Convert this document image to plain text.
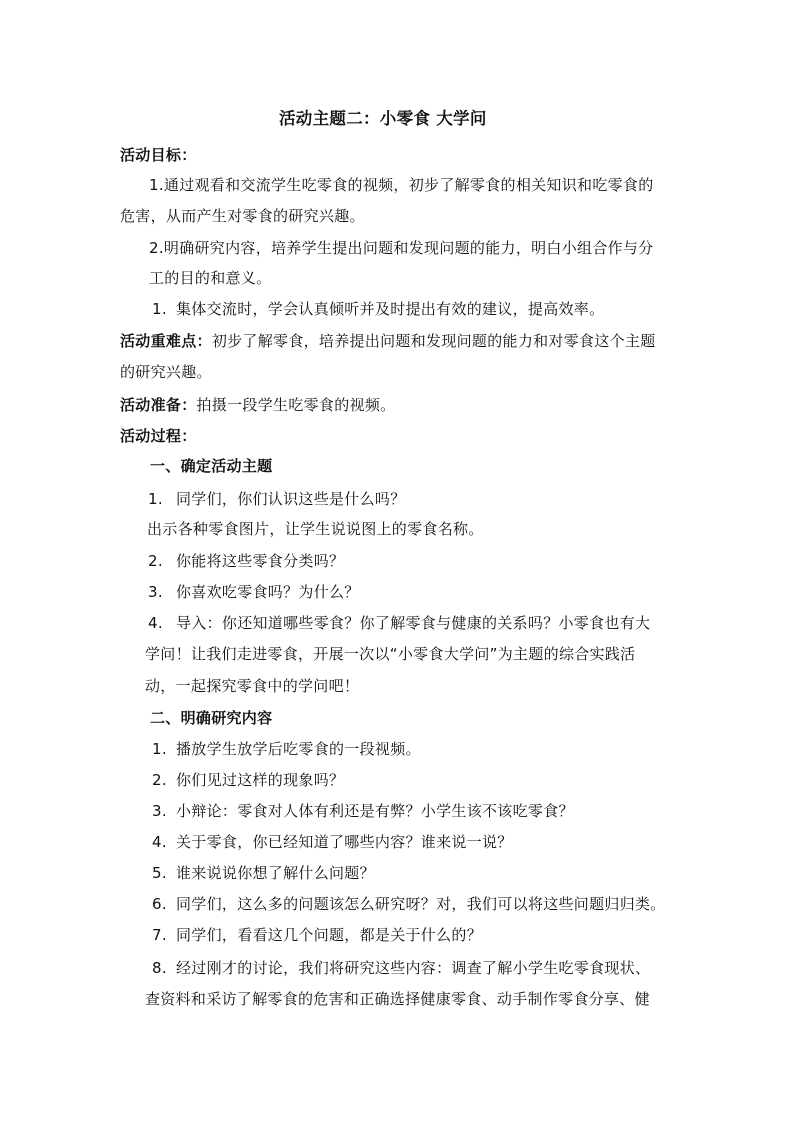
活动主题二：小零食 大学问
活动目标：
1.通过观看和交流学生吃零食的视频，初步了解零食的相关知识和吃零食的
危害，从而产生对零食的研究兴趣。
2.明确研究内容，培养学生提出问题和发现问题的能力，明白小组合作与分
工的目的和意义。
1. 集体交流时，学会认真倾听并及时提出有效的建议，提高效率。
活动重难点：初步了解零食，培养提出问题和发现问题的能力和对零食这个主题
的研究兴趣。
活动准备：拍摄一段学生吃零食的视频。
活动过程：
一、确定活动主题
1. 同学们，你们认识这些是什么吗？
出示各种零食图片，让学生说说图上的零食名称。
2. 你能将这些零食分类吗？
3. 你喜欢吃零食吗？为什么？
4. 导入：你还知道哪些零食？你了解零食与健康的关系吗？小零食也有大
学问！让我们走进零食，开展一次以“小零食大学问”为主题的综合实践活
动，一起探究零食中的学问吧！
二、明确研究内容
1. 播放学生放学后吃零食的一段视频。
2. 你们见过这样的现象吗？
3. 小辩论：零食对人体有利还是有弊？小学生该不该吃零食？
4. 关于零食，你已经知道了哪些内容？谁来说一说？
5. 谁来说说你想了解什么问题？
6. 同学们，这么多的问题该怎么研究呀？对，我们可以将这些问题归归类。
7. 同学们，看看这几个问题，都是关于什么的？
8. 经过刚才的讨论，我们将研究这些内容：调查了解小学生吃零食现状、
查资料和采访了解零食的危害和正确选择健康零食、动手制作零食分享、健
